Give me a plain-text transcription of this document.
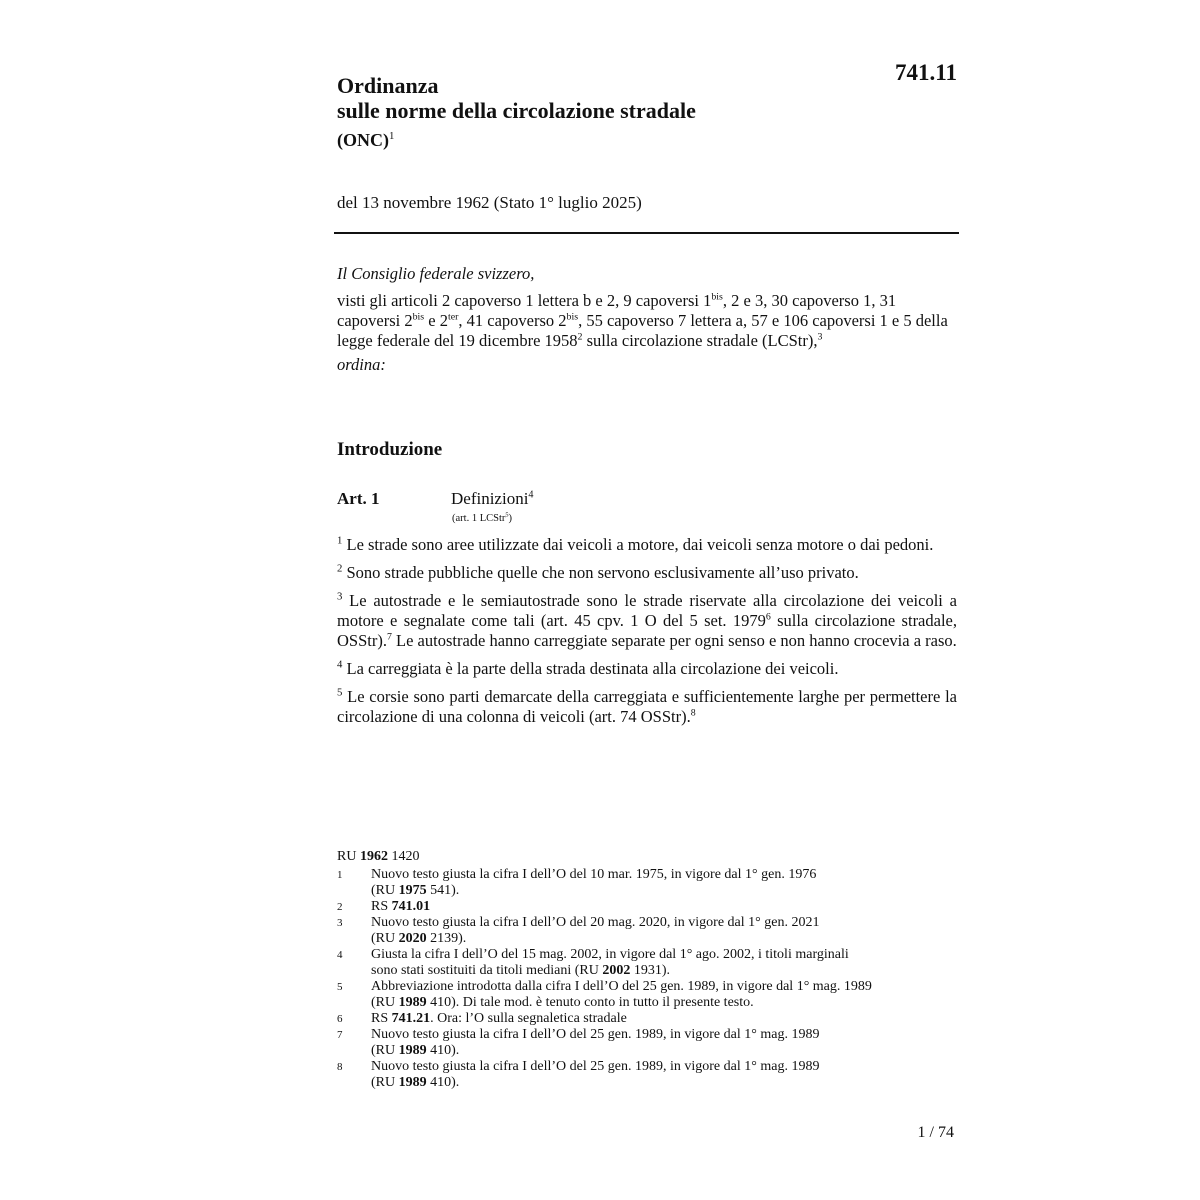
741.11
Ordinanza
sulle norme della circolazione stradale
(ONC)$^1$
del 13 novembre 1962 (Stato 1° luglio 2025)

Il Consiglio federale svizzero,

visti gli articoli 2 capoverso 1 lettera b e 2, 9 capoversi $1^{bis}$, 2 e 3, 30 capoverso 1, 31 capoversi $2^{bis}$ e $2^{ter}$, 41 capoverso $2^{bis}$, 55 capoverso 7 lettera a, 57 e 106 capoversi 1 e 5 della legge federale del 19 dicembre 1958$^2$ sulla circolazione stradale (LCStr),$^3$

ordina:

Introduzione
Art. 1	Definizioni$^4$
(art. 1 LCStr$^5$)

$^1$ Le strade sono aree utilizzate dai veicoli a motore, dai veicoli senza motore o dai pedoni.

$^2$ Sono strade pubbliche quelle che non servono esclusivamente all’uso privato.

$^3$ Le autostrade e le semiautostrade sono le strade riservate alla circolazione dei veicoli a motore e segnalate come tali (art. 45 cpv. 1 O del 5 set. 1979$^6$ sulla circolazione stradale, OSStr).$^7$ Le autostrade hanno carreggiate separate per ogni senso e non hanno crocevia a raso.

$^4$ La carreggiata è la parte della strada destinata alla circolazione dei veicoli.

$^5$ Le corsie sono parti demarcate della carreggiata e sufficientemente larghe per permettere la circolazione di una colonna di veicoli (art. 74 OSStr).$^8$

RU 1962 1420
1 Nuovo testo giusta la cifra I dell’O del 10 mar. 1975, in vigore dal 1° gen. 1976
(RU 1975 541).
2 RS 741.01
3 Nuovo testo giusta la cifra I dell’O del 20 mag. 2020, in vigore dal 1° gen. 2021
(RU 2020 2139).
4 Giusta la cifra I dell’O del 15 mag. 2002, in vigore dal 1° ago. 2002, i titoli marginali
sono stati sostituiti da titoli mediani (RU 2002 1931).
5 Abbreviazione introdotta dalla cifra I dell’O del 25 gen. 1989, in vigore dal 1° mag. 1989
(RU 1989 410). Di tale mod. è tenuto conto in tutto il presente testo.
6 RS 741.21. Ora: l’O sulla segnaletica stradale
7 Nuovo testo giusta la cifra I dell’O del 25 gen. 1989, in vigore dal 1° mag. 1989
(RU 1989 410).
8 Nuovo testo giusta la cifra I dell’O del 25 gen. 1989, in vigore dal 1° mag. 1989
(RU 1989 410).
1 / 74
